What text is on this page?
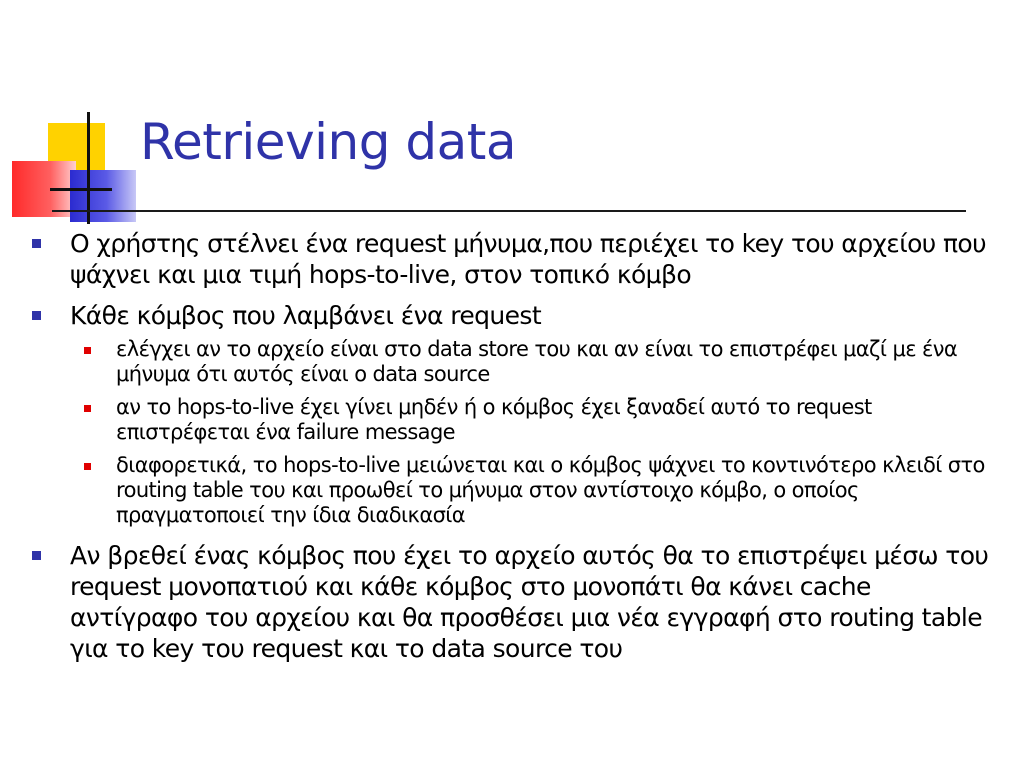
Retrieving data
Ο χρήστης στέλνει ένα request μήνυμα,που περιέχει το key του αρχείου που ψάχνει και μια τιμή hops-to-live, στον τοπικό κόμβο
Κάθε κόμβος που λαμβάνει ένα request
ελέγχει αν το αρχείο είναι στο data store του και αν είναι το επιστρέφει μαζί με ένα μήνυμα ότι αυτός είναι ο data source
αν το hops-to-live έχει γίνει μηδέν ή ο κόμβος έχει ξαναδεί αυτό το request επιστρέφεται ένα failure message
διαφορετικά, το hops-to-live μειώνεται και ο κόμβος ψάχνει το κοντινότερο κλειδί στο routing table του και προωθεί το μήνυμα στον αντίστοιχο κόμβο, ο οποίος πραγματοποιεί την ίδια διαδικασία
Αν βρεθεί ένας κόμβος που έχει το αρχείο αυτός θα το επιστρέψει μέσω του request μονοπατιού και κάθε κόμβος στο μονοπάτι θα κάνει cache αντίγραφο του αρχείου και θα προσθέσει μια νέα εγγραφή στο routing table για το key του request και το data source του
